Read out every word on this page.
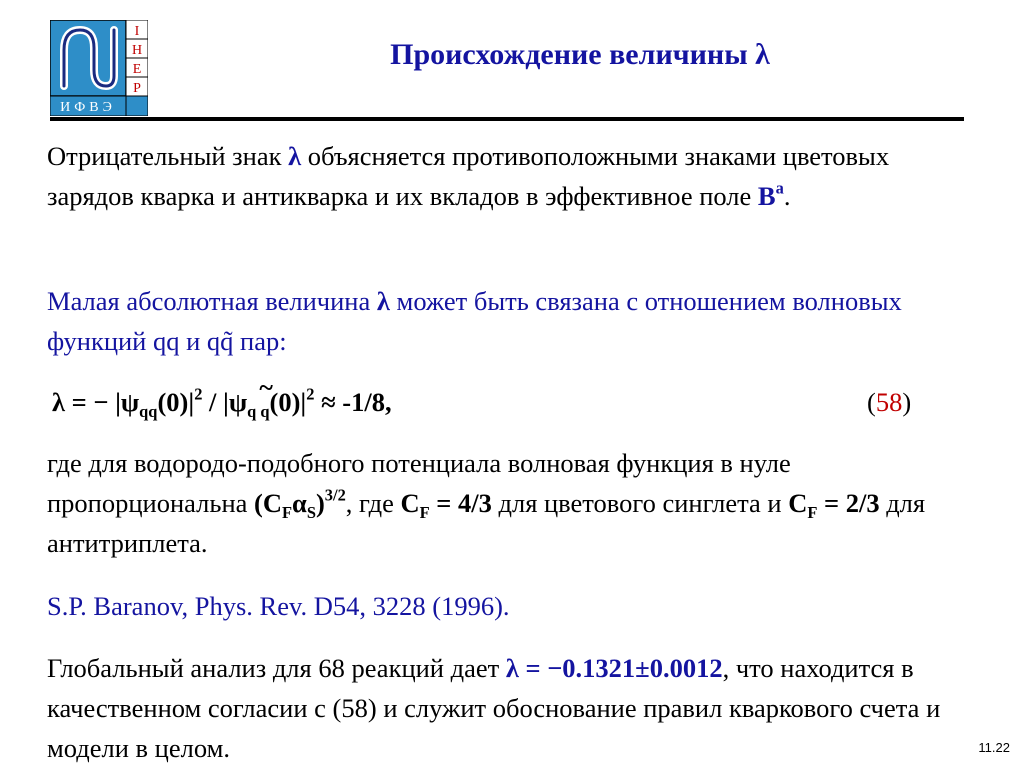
I
H
E
P
ИФВЭ
Происхождение величины λ
Отрицательный знак λ объясняется противоположными знаками цветовых зарядов кварка и антикварка и их вкладов в эффективное поле $B^a$.
Малая абсолютная величина λ может быть связана с отношением волновых функций qq и qq̃ пар:
λ = − $|\psi_{qq}(0)|^2 / |\psi_{q q}(0)|^2 \approx -1/8$,	(58)
где для водородо-подобного потенциала волновая функция в нуле пропорциональна $(C_F\alpha_S)^{3/2}$, где $C_F = 4/3$ для цветового синглета и $C_F = 2/3$ для антитриплета.
S.P. Baranov, Phys. Rev. D54, 3228 (1996).
Глобальный анализ для 68 реакций дает λ = −0.1321±0.0012, что находится в качественном согласии с (58) и служит обоснование правил кваркового счета и модели в целом.	11.22
